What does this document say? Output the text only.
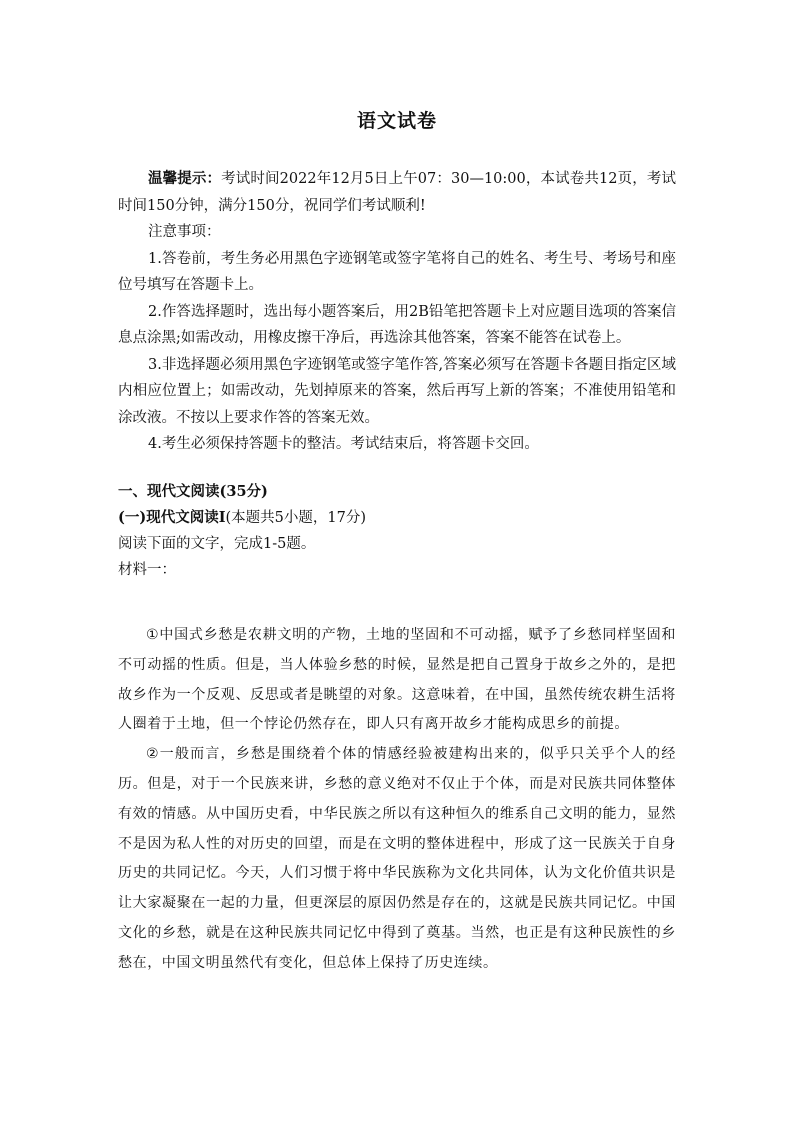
语文试卷

温馨提示：考试时间2022年12月5日上午07：30—10:00，本试卷共12页，考试时间150分钟，满分150分，祝同学们考试顺利!

注意事项：

1.答卷前，考生务必用黑色字迹钢笔或签字笔将自己的姓名、考生号、考场号和座位号填写在答题卡上。

2.作答选择题时，选出每小题答案后，用2B铅笔把答题卡上对应题目选项的答案信息点涂黑;如需改动，用橡皮擦干净后，再选涂其他答案，答案不能答在试卷上。

3.非选择题必须用黑色字迹钢笔或签字笔作答,答案必须写在答题卡各题目指定区域内相应位置上；如需改动，先划掉原来的答案，然后再写上新的答案；不准使用铅笔和涂改液。不按以上要求作答的答案无效。

4.考生必须保持答题卡的整洁。考试结束后，将答题卡交回。

一、现代文阅读(35分)

(一)现代文阅读Ⅰ(本题共5小题，17分)

阅读下面的文字，完成1-5题。

材料一：

①中国式乡愁是农耕文明的产物，土地的坚固和不可动摇，赋予了乡愁同样坚固和不可动摇的性质。但是，当人体验乡愁的时候，显然是把自己置身于故乡之外的，是把故乡作为一个反观、反思或者是眺望的对象。这意味着，在中国，虽然传统农耕生活将人圈着于土地，但一个悖论仍然存在，即人只有离开故乡才能构成思乡的前提。

②一般而言，乡愁是围绕着个体的情感经验被建构出来的，似乎只关乎个人的经历。但是，对于一个民族来讲，乡愁的意义绝对不仅止于个体，而是对民族共同体整体有效的情感。从中国历史看，中华民族之所以有这种恒久的维系自己文明的能力，显然不是因为私人性的对历史的回望，而是在文明的整体进程中，形成了这一民族关于自身历史的共同记忆。今天，人们习惯于将中华民族称为文化共同体，认为文化价值共识是让大家凝聚在一起的力量，但更深层的原因仍然是存在的，这就是民族共同记忆。中国文化的乡愁，就是在这种民族共同记忆中得到了奠基。当然，也正是有这种民族性的乡愁在，中国文明虽然代有变化，但总体上保持了历史连续。
